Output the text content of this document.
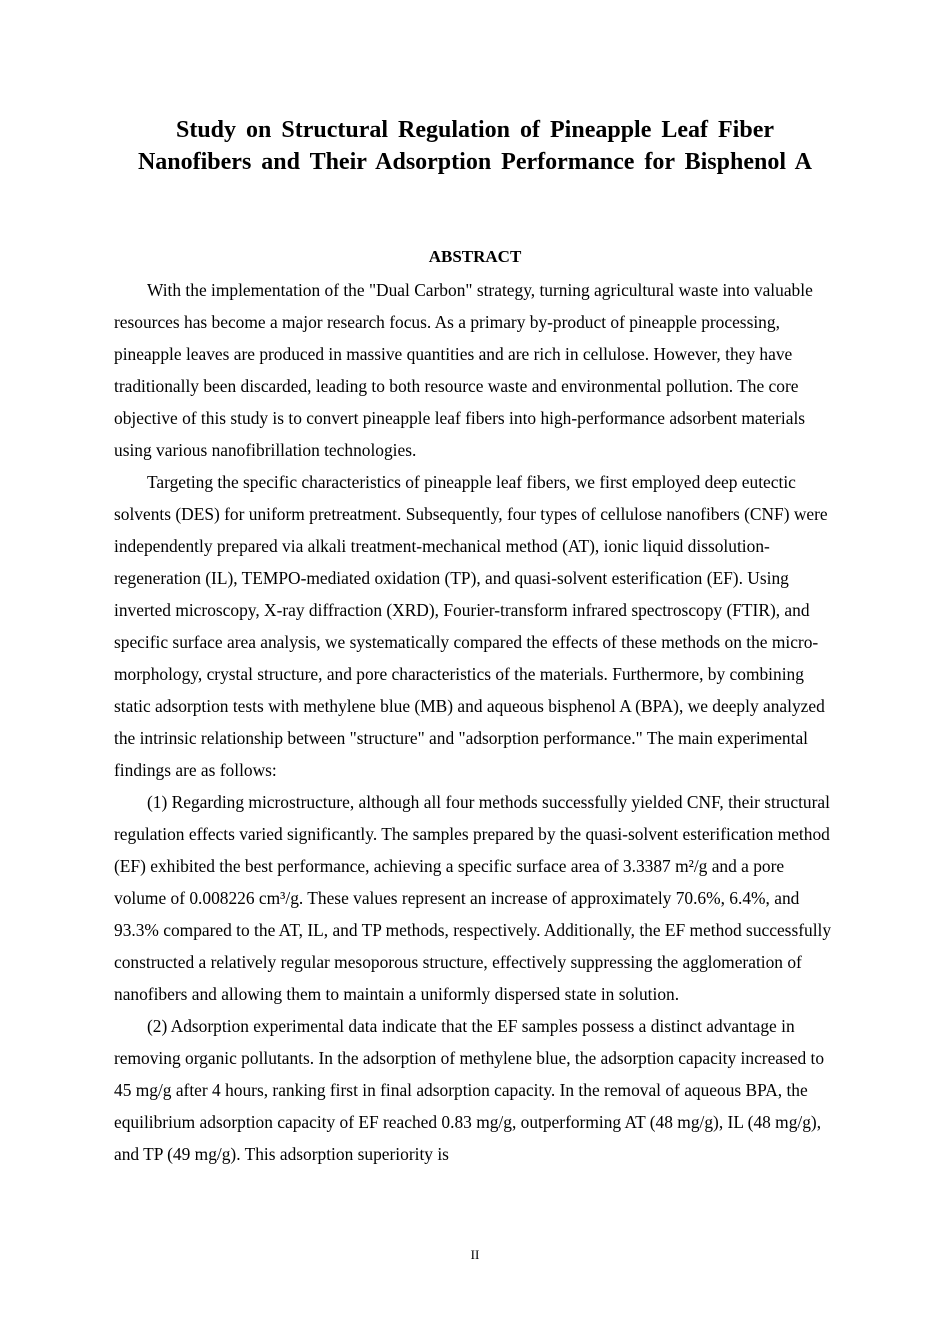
Study on Structural Regulation of Pineapple Leaf Fiber Nanofibers and Their Adsorption Performance for Bisphenol A
ABSTRACT

With the implementation of the "Dual Carbon" strategy, turning agricultural waste into valuable resources has become a major research focus. As a primary by-product of pineapple processing, pineapple leaves are produced in massive quantities and are rich in cellulose. However, they have traditionally been discarded, leading to both resource waste and environmental pollution. The core objective of this study is to convert pineapple leaf fibers into high-performance adsorbent materials using various nanofibrillation technologies.

Targeting the specific characteristics of pineapple leaf fibers, we first employed deep eutectic solvents (DES) for uniform pretreatment. Subsequently, four types of cellulose nanofibers (CNF) were independently prepared via alkali treatment-mechanical method (AT), ionic liquid dissolution-regeneration (IL), TEMPO-mediated oxidation (TP), and quasi-solvent esterification (EF). Using inverted microscopy, X-ray diffraction (XRD), Fourier-transform infrared spectroscopy (FTIR), and specific surface area analysis, we systematically compared the effects of these methods on the micro-morphology, crystal structure, and pore characteristics of the materials. Furthermore, by combining static adsorption tests with methylene blue (MB) and aqueous bisphenol A (BPA), we deeply analyzed the intrinsic relationship between "structure" and "adsorption performance." The main experimental findings are as follows:

(1) Regarding microstructure, although all four methods successfully yielded CNF, their structural regulation effects varied significantly. The samples prepared by the quasi-solvent esterification method (EF) exhibited the best performance, achieving a specific surface area of 3.3387 m²/g and a pore volume of 0.008226 cm³/g. These values represent an increase of approximately 70.6%, 6.4%, and 93.3% compared to the AT, IL, and TP methods, respectively. Additionally, the EF method successfully constructed a relatively regular mesoporous structure, effectively suppressing the agglomeration of nanofibers and allowing them to maintain a uniformly dispersed state in solution.

(2) Adsorption experimental data indicate that the EF samples possess a distinct advantage in removing organic pollutants. In the adsorption of methylene blue, the adsorption capacity increased to 45 mg/g after 4 hours, ranking first in final adsorption capacity. In the removal of aqueous BPA, the equilibrium adsorption capacity of EF reached 0.83 mg/g, outperforming AT (48 mg/g), IL (48 mg/g), and TP (49 mg/g). This adsorption superiority is

II
